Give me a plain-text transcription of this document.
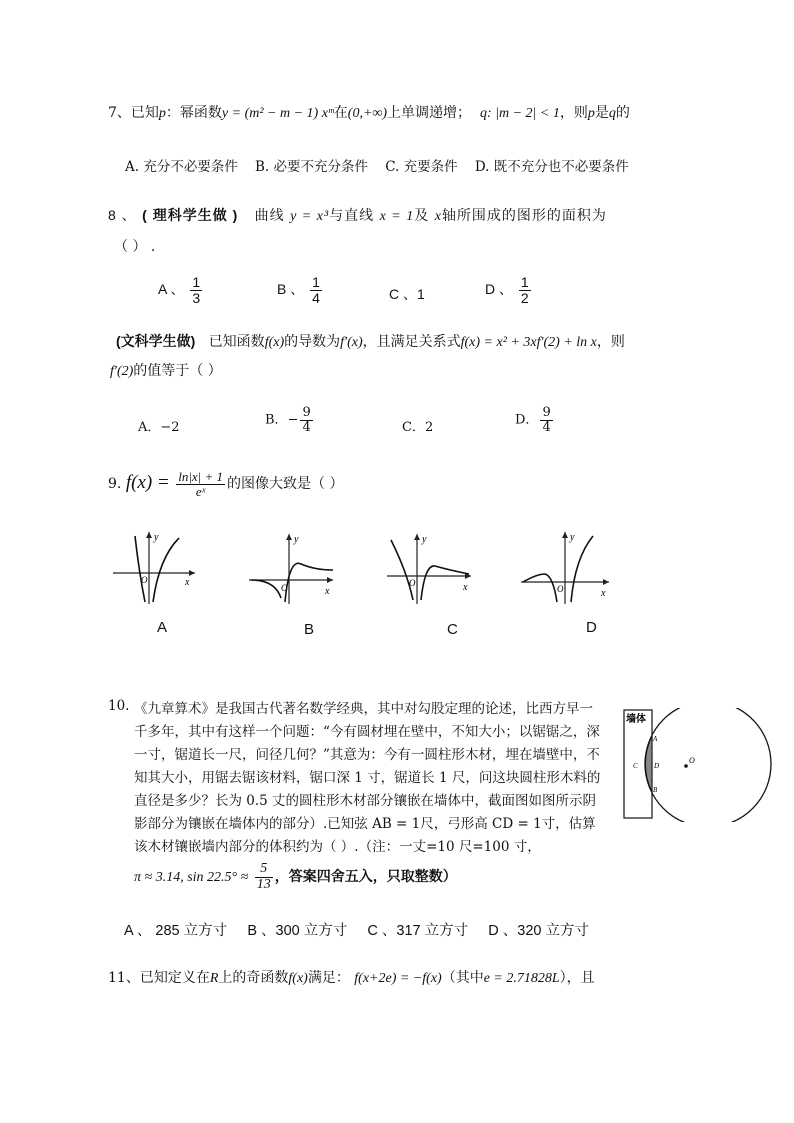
7、已知p：幂函数y = (m² − m − 1) xᵐ在(0,+∞)上单调递增； q: |m − 2| < 1，则p是q的
A. 充分不必要条件 B. 必要不充分条件 C. 充要条件 D. 既不充分也不必要条件
8 、 ( 理科学生做 ) 曲线 y = x³与直线 x = 1及 x轴所围成的图形的面积为
（ ） .
A 、 $\frac{1}{3}$	B 、 $\frac{1}{4}$	C 、1	D 、 $\frac{1}{2}$
(文科学生做) 已知函数f(x)的导数为f′(x)，且满足关系式f(x) = x² + 3xf′(2) + ln x，则
f′(2)的值等于（ ）
A．−2	B．− $\frac{9}{4}$	C．2	D． $\frac{9}{4}$
9. $f(x) = \frac{\ln|x| + 1}{\text{eˣ}}$ 的图像大致是（ ）
y
x
O
y
x
O
y
x
O
y
x
O
A	B	C	D
10. 《九章算术》是我国古代著名数学经典，其中对勾股定理的论述，比西方早一
千多年，其中有这样一个问题：“今有圆材埋在壁中，不知大小；以锯锯之，深
一寸，锯道长一尺，问径几何？”其意为：今有一圆柱形木材，埋在墙壁中，不
知其大小，用锯去锯该材料，锯口深 1 寸，锯道长 1 尺，问这块圆柱形木料的
直径是多少？长为 0.5 丈的圆柱形木材部分镶嵌在墙体中，截面图如图所示阴
影部分为镶嵌在墙体内的部分）.已知弦 AB = 1尺，弓形高 CD = 1寸，估算
该木材镶嵌墙内部分的体积约为（ ）.（注：一丈=10 尺=100 寸，
π ≈ 3.14, $\sin 22.5^\circ \approx \frac{5}{13}$ ，答案四舍五入，只取整数）
墙体
A
B
C D
O
A 、 285 立方寸 B 、300 立方寸 C 、317 立方寸 D 、320 立方寸
11、已知定义在R上的奇函数f(x)满足： f(x+2e) = −f(x)（其中e = 2.71828L），且
